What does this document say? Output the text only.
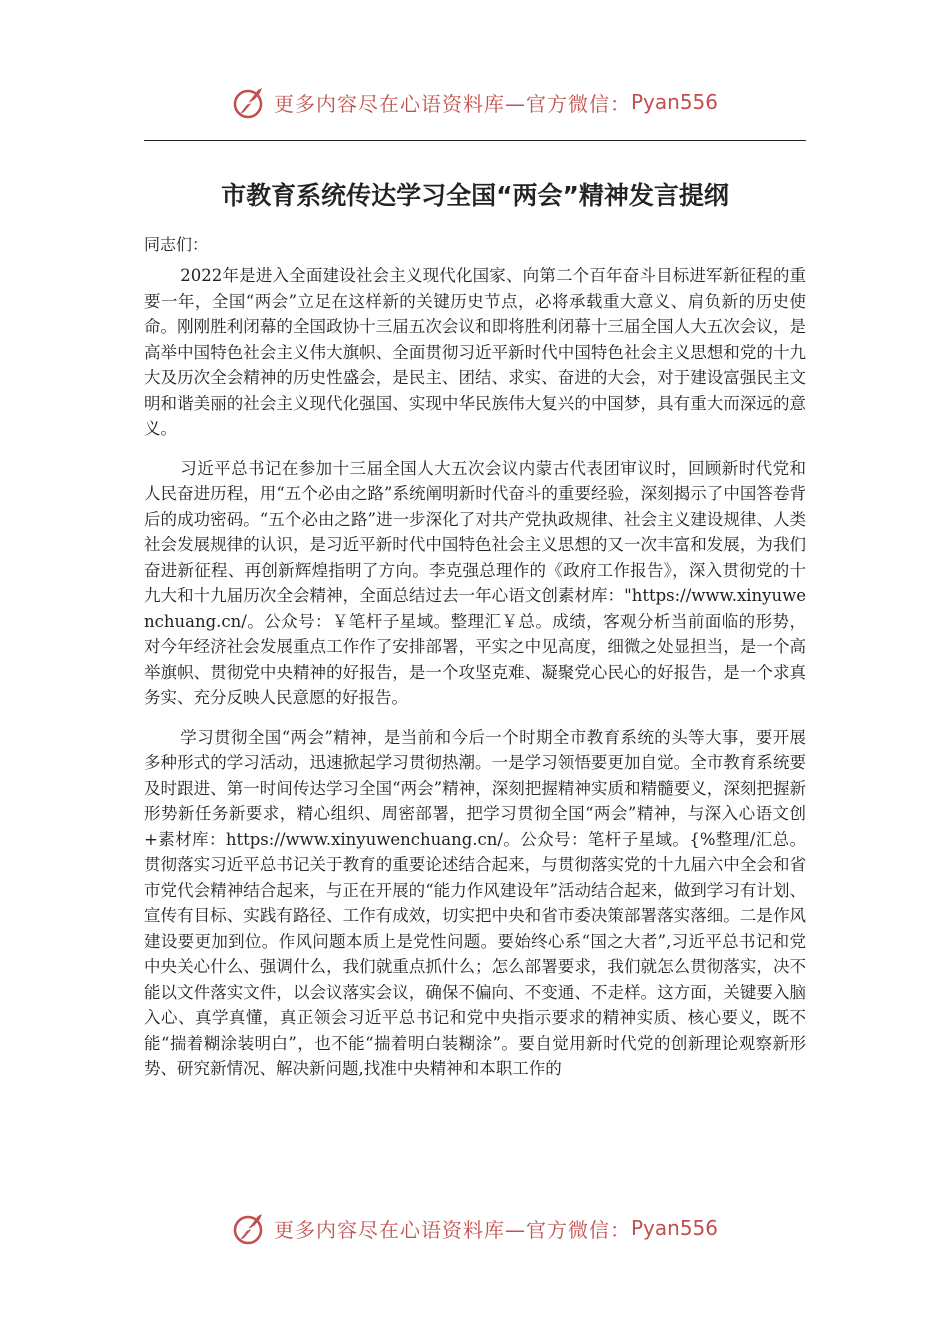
更多内容尽在心语资料库—官方微信： Pyan556
市教育系统传达学习全国“两会”精神发言提纲

同志们：

2022年是进入全面建设社会主义现代化国家、向第二个百年奋斗目标进军新征程的重要一年，全国“两会”立足在这样新的关键历史节点，必将承载重大意义、肩负新的历史使命。刚刚胜利闭幕的全国政协十三届五次会议和即将胜利闭幕十三届全国人大五次会议，是高举中国特色社会主义伟大旗帜、全面贯彻习近平新时代中国特色社会主义思想和党的十九大及历次全会精神的历史性盛会，是民主、团结、求实、奋进的大会，对于建设富强民主文明和谐美丽的社会主义现代化强国、实现中华民族伟大复兴的中国梦，具有重大而深远的意义。

习近平总书记在参加十三届全国人大五次会议内蒙古代表团审议时，回顾新时代党和人民奋进历程，用“五个必由之路”系统阐明新时代奋斗的重要经验，深刻揭示了中国答卷背后的成功密码。“五个必由之路”进一步深化了对共产党执政规律、社会主义建设规律、人类社会发展规律的认识，是习近平新时代中国特色社会主义思想的又一次丰富和发展，为我们奋进新征程、再创新辉煌指明了方向。李克强总理作的《政府工作报告》，深入贯彻党的十九大和十九届历次全会精神，全面总结过去一年心语文创素材库："https://www.xinyuwenchuang.cn/。公众号：￥笔杆子星域。整理汇￥总。成绩，客观分析当前面临的形势，对今年经济社会发展重点工作作了安排部署，平实之中见高度，细微之处显担当，是一个高举旗帜、贯彻党中央精神的好报告，是一个攻坚克难、凝聚党心民心的好报告，是一个求真务实、充分反映人民意愿的好报告。

学习贯彻全国“两会”精神，是当前和今后一个时期全市教育系统的头等大事，要开展多种形式的学习活动，迅速掀起学习贯彻热潮。一是学习领悟要更加自觉。全市教育系统要及时跟进、第一时间传达学习全国“两会”精神，深刻把握精神实质和精髓要义，深刻把握新形势新任务新要求，精心组织、周密部署，把学习贯彻全国“两会”精神，与深入心语文创+素材库：https://www.xinyuwenchuang.cn/。公众号：笔杆子星域。{%整理/汇总。贯彻落实习近平总书记关于教育的重要论述结合起来，与贯彻落实党的十九届六中全会和省市党代会精神结合起来，与正在开展的“能力作风建设年”活动结合起来，做到学习有计划、宣传有目标、实践有路径、工作有成效，切实把中央和省市委决策部署落实落细。二是作风建设要更加到位。作风问题本质上是党性问题。要始终心系“国之大者”,习近平总书记和党中央关心什么、强调什么，我们就重点抓什么；怎么部署要求，我们就怎么贯彻落实，决不能以文件落实文件，以会议落实会议，确保不偏向、不变通、不走样。这方面，关键要入脑入心、真学真懂，真正领会习近平总书记和党中央指示要求的精神实质、核心要义，既不能“揣着糊涂装明白”，也不能“揣着明白装糊涂”。要自觉用新时代党的创新理论观察新形势、研究新情况、解决新问题,找准中央精神和本职工作的

更多内容尽在心语资料库—官方微信： Pyan556
